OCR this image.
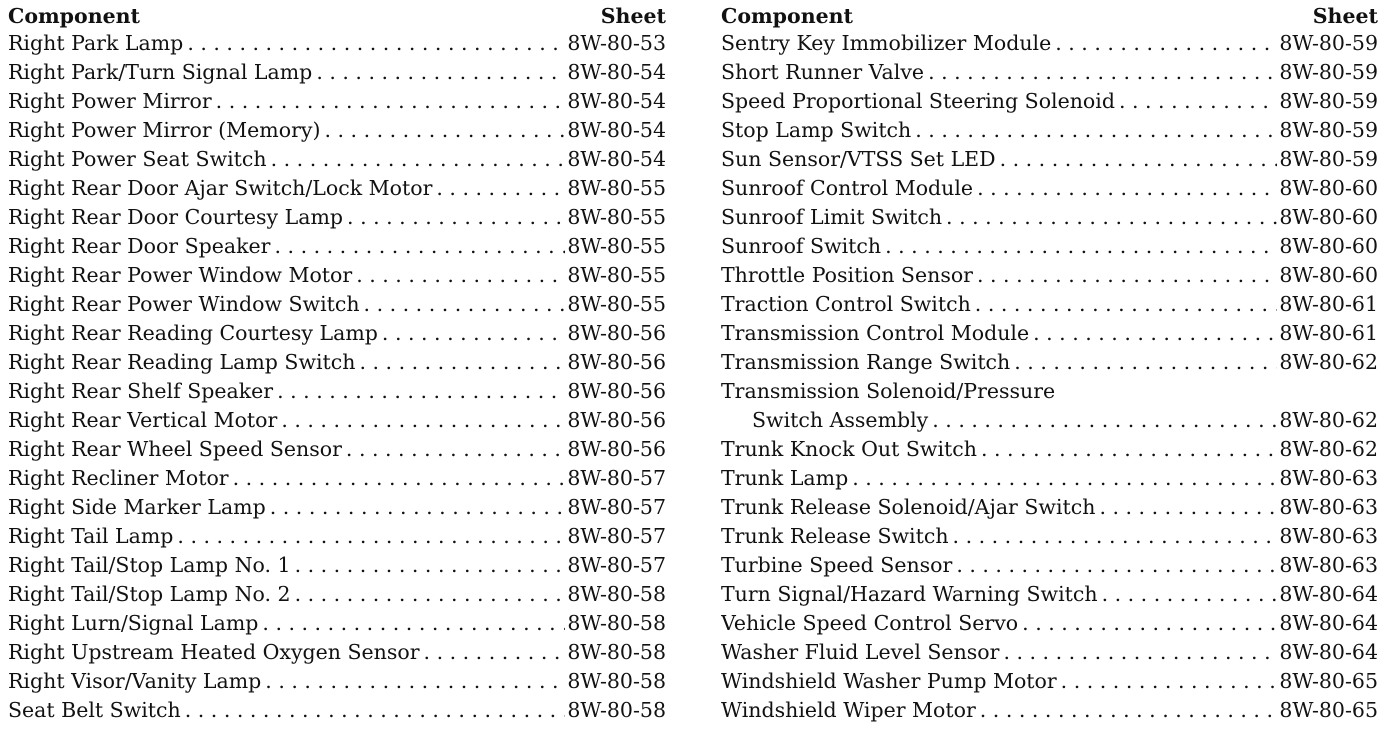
Component	Sheet
Right Park Lamp . . .	8W-80-53
Right Park/Turn Signal Lamp . . .	8W-80-54
Right Power Mirror . . .	8W-80-54
Right Power Mirror (Memory) . . .	8W-80-54
Right Power Seat Switch . . .	8W-80-54
Right Rear Door Ajar Switch/Lock Motor . . .	8W-80-55
Right Rear Door Courtesy Lamp . . .	8W-80-55
Right Rear Door Speaker . . .	8W-80-55
Right Rear Power Window Motor . . .	8W-80-55
Right Rear Power Window Switch . . .	8W-80-55
Right Rear Reading Courtesy Lamp . . .	8W-80-56
Right Rear Reading Lamp Switch . . .	8W-80-56
Right Rear Shelf Speaker . . .	8W-80-56
Right Rear Vertical Motor . . .	8W-80-56
Right Rear Wheel Speed Sensor . . .	8W-80-56
Right Recliner Motor . . .	8W-80-57
Right Side Marker Lamp . . .	8W-80-57
Right Tail Lamp . . .	8W-80-57
Right Tail/Stop Lamp No. 1 . . .	8W-80-57
Right Tail/Stop Lamp No. 2 . . .	8W-80-58
Right Lurn/Signal Lamp . . .	8W-80-58
Right Upstream Heated Oxygen Sensor . . .	8W-80-58
Right Visor/Vanity Lamp . . .	8W-80-58
Seat Belt Switch . . .	8W-80-58
Component	Sheet
Sentry Key Immobilizer Module . . .	8W-80-59
Short Runner Valve . . .	8W-80-59
Speed Proportional Steering Solenoid . . .	8W-80-59
Stop Lamp Switch . . .	8W-80-59
Sun Sensor/VTSS Set LED . . .	8W-80-59
Sunroof Control Module . . .	8W-80-60
Sunroof Limit Switch . . .	8W-80-60
Sunroof Switch . . .	8W-80-60
Throttle Position Sensor . . .	8W-80-60
Traction Control Switch . . .	8W-80-61
Transmission Control Module . . .	8W-80-61
Transmission Range Switch . . .	8W-80-62
Transmission Solenoid/Pressure
Switch Assembly . . .	8W-80-62
Trunk Knock Out Switch . . .	8W-80-62
Trunk Lamp . . .	8W-80-63
Trunk Release Solenoid/Ajar Switch . . .	8W-80-63
Trunk Release Switch . . .	8W-80-63
Turbine Speed Sensor . . .	8W-80-63
Turn Signal/Hazard Warning Switch . . .	8W-80-64
Vehicle Speed Control Servo . . .	8W-80-64
Washer Fluid Level Sensor . . .	8W-80-64
Windshield Washer Pump Motor . . .	8W-80-65
Windshield Wiper Motor . . .	8W-80-65
